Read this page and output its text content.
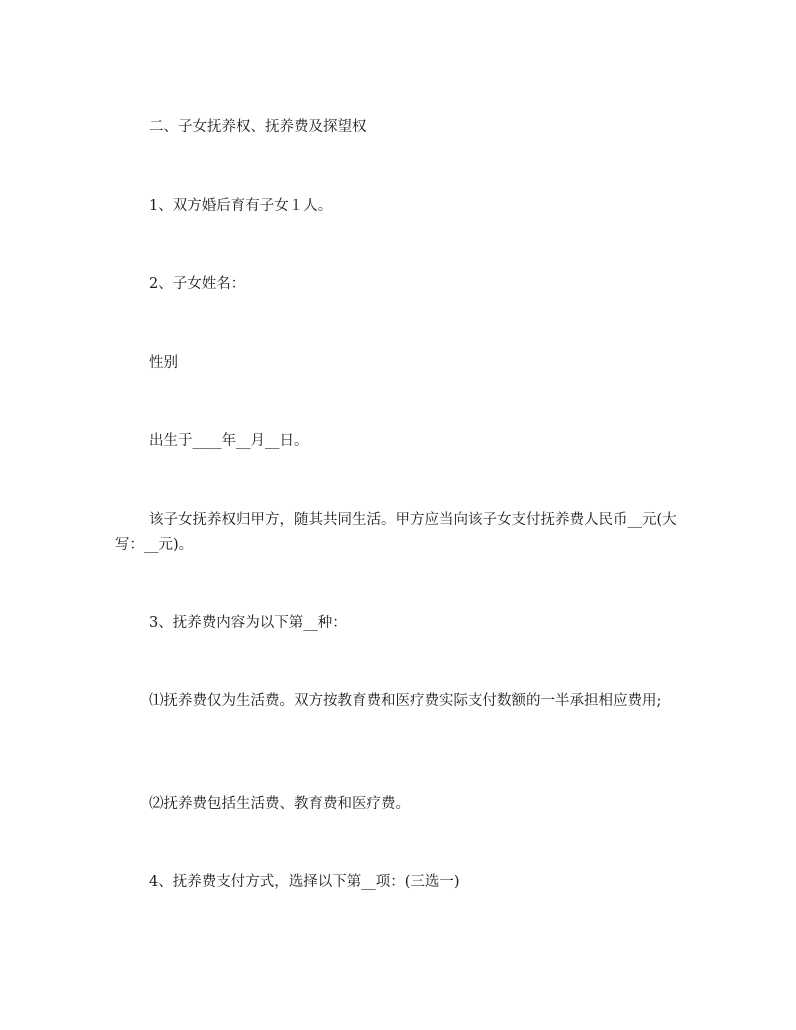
二、子女抚养权、抚养费及探望权

1、双方婚后育有子女１人。

2、子女姓名：

性别

出生于____年__月__日。

该子女抚养权归甲方，随其共同生活。甲方应当向该子女支付抚养费人民币__元(大写：__元)。

3、抚养费内容为以下第__种：

⑴抚养费仅为生活费。双方按教育费和医疗费实际支付数额的一半承担相应费用;

⑵抚养费包括生活费、教育费和医疗费。

4、抚养费支付方式，选择以下第__项：(三选一)
